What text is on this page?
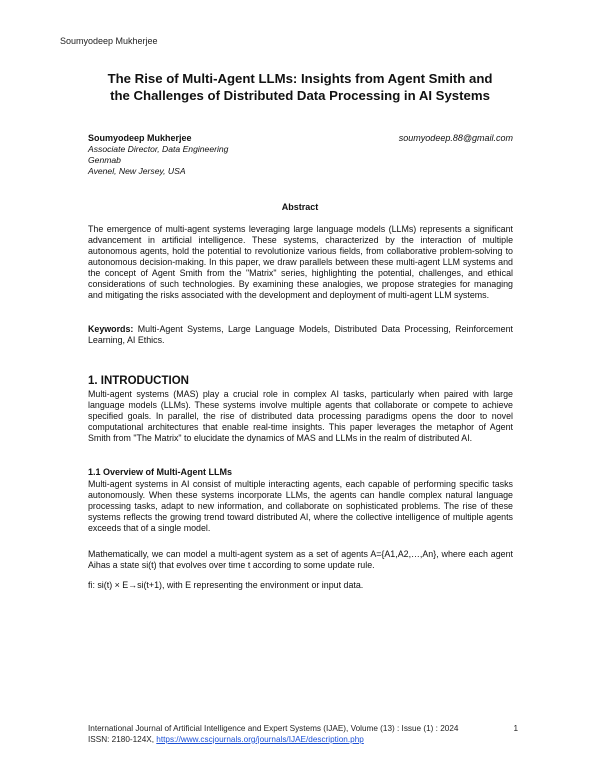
Soumyodeep Mukherjee
The Rise of Multi-Agent LLMs: Insights from Agent Smith and
the Challenges of Distributed Data Processing in AI Systems
Soumyodeep Mukherjee	soumyodeep.88@gmail.com
Associate Director, Data Engineering
Genmab
Avenel, New Jersey, USA
Abstract

The emergence of multi-agent systems leveraging large language models (LLMs) represents a significant advancement in artificial intelligence. These systems, characterized by the interaction of multiple autonomous agents, hold the potential to revolutionize various fields, from collaborative problem-solving to autonomous decision-making. In this paper, we draw parallels between these multi-agent LLM systems and the concept of Agent Smith from the "Matrix" series, highlighting the potential, challenges, and ethical considerations of such technologies. By examining these analogies, we propose strategies for managing and mitigating the risks associated with the development and deployment of multi-agent LLM systems.

Keywords: Multi-Agent Systems, Large Language Models, Distributed Data Processing, Reinforcement Learning, AI Ethics.

1. INTRODUCTION

Multi-agent systems (MAS) play a crucial role in complex AI tasks, particularly when paired with large language models (LLMs). These systems involve multiple agents that collaborate or compete to achieve specified goals. In parallel, the rise of distributed data processing paradigms opens the door to novel computational architectures that enable real-time insights. This paper leverages the metaphor of Agent Smith from "The Matrix" to elucidate the dynamics of MAS and LLMs in the realm of distributed AI.

1.1 Overview of Multi-Agent LLMs

Multi-agent systems in AI consist of multiple interacting agents, each capable of performing specific tasks autonomously. When these systems incorporate LLMs, the agents can handle complex natural language processing tasks, adapt to new information, and collaborate on sophisticated problems. The rise of these systems reflects the growing trend toward distributed AI, where the collective intelligence of multiple agents exceeds that of a single model.

Mathematically, we can model a multi-agent system as a set of agents A={A1,A2,…,An}, where each agent Aihas a state si(t) that evolves over time t according to some update rule.

fi: si(t) × E→si(t+1), with E representing the environment or input data.

International Journal of Artificial Intelligence and Expert Systems (IJAE), Volume (13) : Issue (1) : 2024	1
ISSN: 2180-124X, https://www.cscjournals.org/journals/IJAE/description.php
